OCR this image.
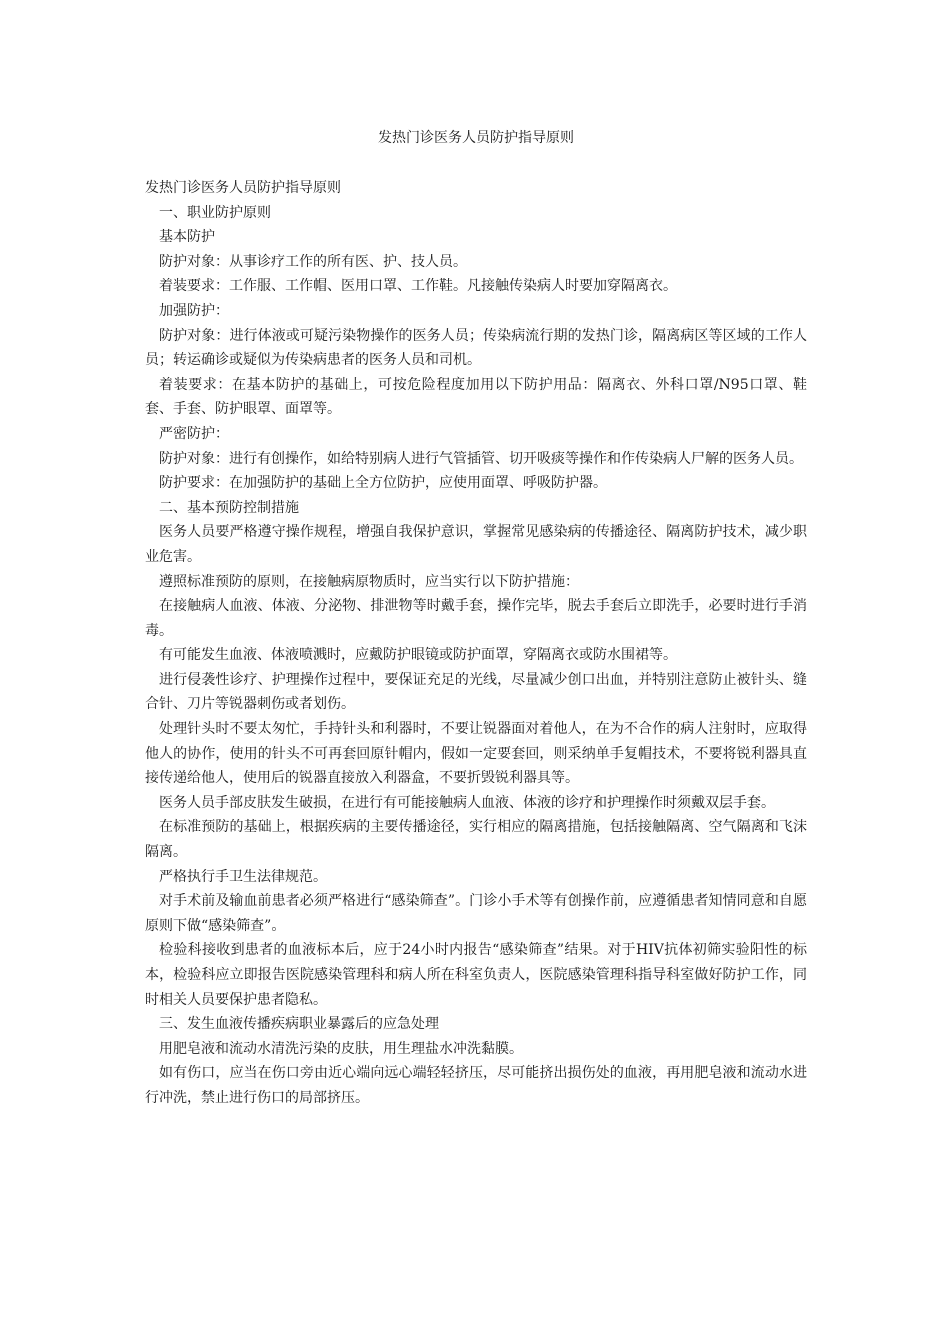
发热门诊医务人员防护指导原则

发热门诊医务人员防护指导原则

一、职业防护原则

基本防护

防护对象：从事诊疗工作的所有医、护、技人员。

着装要求：工作服、工作帽、医用口罩、工作鞋。凡接触传染病人时要加穿隔离衣。

加强防护：

防护对象：进行体液或可疑污染物操作的医务人员；传染病流行期的发热门诊，隔离病区等区域的工作人员；转运确诊或疑似为传染病患者的医务人员和司机。

着装要求：在基本防护的基础上，可按危险程度加用以下防护用品：隔离衣、外科口罩/N95口罩、鞋套、手套、防护眼罩、面罩等。

严密防护：

防护对象：进行有创操作，如给特别病人进行气管插管、切开吸痰等操作和作传染病人尸解的医务人员。

防护要求：在加强防护的基础上全方位防护，应使用面罩、呼吸防护器。

二、基本预防控制措施

医务人员要严格遵守操作规程，增强自我保护意识，掌握常见感染病的传播途径、隔离防护技术，减少职业危害。

遵照标准预防的原则，在接触病原物质时，应当实行以下防护措施：

在接触病人血液、体液、分泌物、排泄物等时戴手套，操作完毕，脱去手套后立即洗手，必要时进行手消毒。

有可能发生血液、体液喷溅时，应戴防护眼镜或防护面罩，穿隔离衣或防水围裙等。

进行侵袭性诊疗、护理操作过程中，要保证充足的光线，尽量减少创口出血，并特别注意防止被针头、缝合针、刀片等锐器刺伤或者划伤。

处理针头时不要太匆忙，手持针头和利器时，不要让锐器面对着他人，在为不合作的病人注射时，应取得他人的协作，使用的针头不可再套回原针帽内，假如一定要套回，则采纳单手复帽技术，不要将锐利器具直接传递给他人，使用后的锐器直接放入利器盒，不要折毁锐利器具等。

医务人员手部皮肤发生破损，在进行有可能接触病人血液、体液的诊疗和护理操作时须戴双层手套。

在标准预防的基础上，根据疾病的主要传播途径，实行相应的隔离措施，包括接触隔离、空气隔离和飞沫隔离。

严格执行手卫生法律规范。

对手术前及输血前患者必须严格进行“感染筛查”。门诊小手术等有创操作前，应遵循患者知情同意和自愿原则下做“感染筛查”。

检验科接收到患者的血液标本后，应于24小时内报告“感染筛查”结果。对于HIV抗体初筛实验阳性的标本，检验科应立即报告医院感染管理科和病人所在科室负责人，医院感染管理科指导科室做好防护工作，同时相关人员要保护患者隐私。

三、发生血液传播疾病职业暴露后的应急处理

用肥皂液和流动水清洗污染的皮肤，用生理盐水冲洗黏膜。

如有伤口，应当在伤口旁由近心端向远心端轻轻挤压，尽可能挤出损伤处的血液，再用肥皂液和流动水进行冲洗，禁止进行伤口的局部挤压。
